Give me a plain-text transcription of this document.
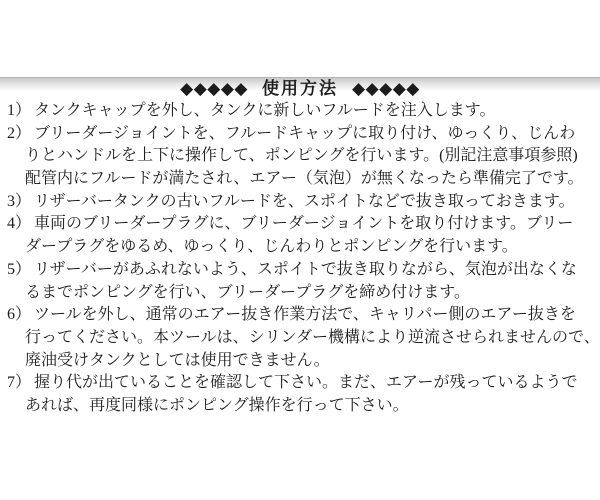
◆◆◆◆◆ 使用方法 ◆◆◆◆◆
1） タンクキャップを外し、タンクに新しいフルードを注入します。
2） ブリーダージョイントを、フルードキャップに取り付け、ゆっくり、じんわ
りとハンドルを上下に操作して、ポンピングを行います。(別記注意事項参照)
配管内にフルードが満たされ、エアー（気泡）が無くなったら準備完了です。
3） リザーバータンクの古いフルードを、スポイトなどで抜き取っておきます。
4） 車両のブリーダープラグに、ブリーダージョイントを取り付けます。ブリー
ダープラグをゆるめ、ゆっくり、じんわりとポンピングを行います。
5） リザーバーがあふれないよう、スポイトで抜き取りながら、気泡が出なくな
るまでポンピングを行い、ブリーダープラグを締め付けます。
6） ツールを外し、通常のエアー抜き作業方法で、キャリパー側のエアー抜きを
行ってください。本ツールは、シリンダー機構により逆流させられませんので、
廃油受けタンクとしては使用できません。
7） 握り代が出ていることを確認して下さい。まだ、エアーが残っているようで
あれば、再度同様にポンピング操作を行って下さい。
